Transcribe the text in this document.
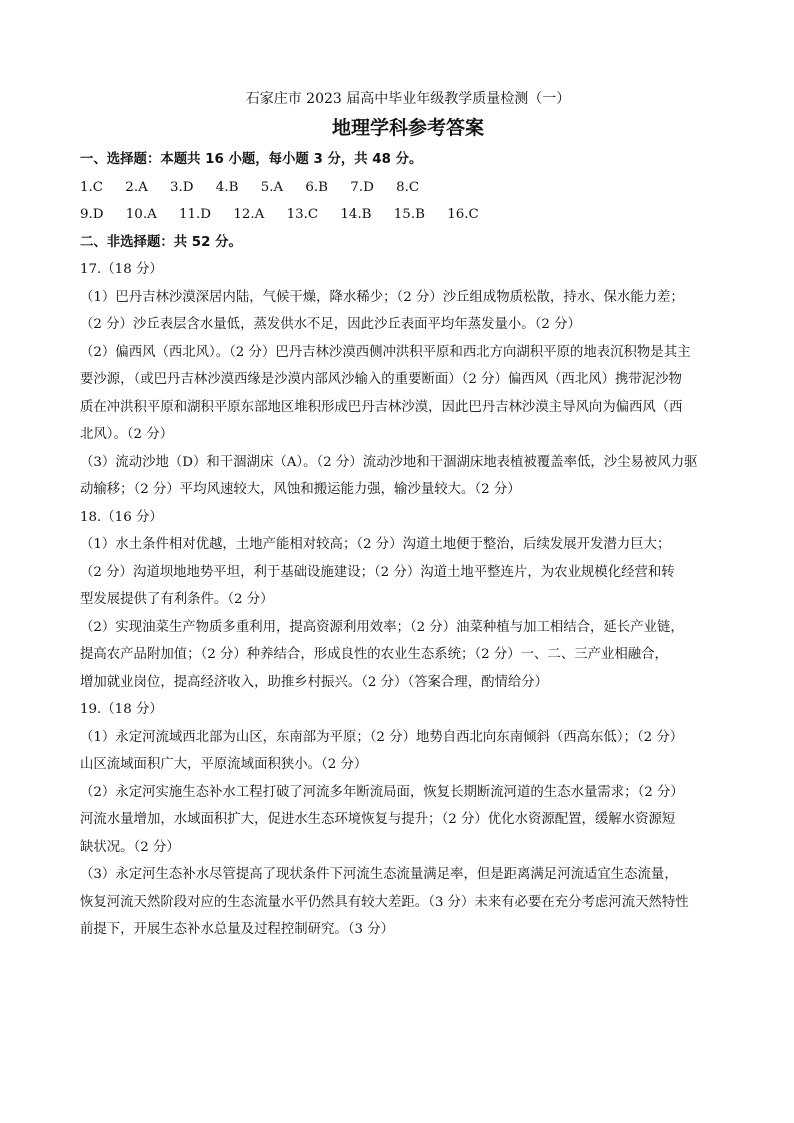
石家庄市 2023 届高中毕业年级教学质量检测（一）
地理学科参考答案
一、选择题：本题共 16 小题，每小题 3 分，共 48 分。
1.C 2.A 3.D 4.B 5.A 6.B 7.D 8.C
9.D 10.A 11.D 12.A 13.C 14.B 15.B 16.C
二、非选择题：共 52 分。
17.（18 分）
（1）巴丹吉林沙漠深居内陆，气候干燥，降水稀少；（2 分）沙丘组成物质松散，持水、保水能力差；
（2 分）沙丘表层含水量低，蒸发供水不足，因此沙丘表面平均年蒸发量小。（2 分）
（2）偏西风（西北风）。（2 分）巴丹吉林沙漠西侧冲洪积平原和西北方向湖积平原的地表沉积物是其主
要沙源，（或巴丹吉林沙漠西缘是沙漠内部风沙输入的重要断面）（2 分）偏西风（西北风）携带泥沙物
质在冲洪积平原和湖积平原东部地区堆积形成巴丹吉林沙漠，因此巴丹吉林沙漠主导风向为偏西风（西
北风）。（2 分）
（3）流动沙地（D）和干涸湖床（A）。（2 分）流动沙地和干涸湖床地表植被覆盖率低，沙尘易被风力驱
动输移；（2 分）平均风速较大，风蚀和搬运能力强，输沙量较大。（2 分）
18.（16 分）
（1）水土条件相对优越，土地产能相对较高；（2 分）沟道土地便于整治，后续发展开发潜力巨大；
（2 分）沟道坝地地势平坦，利于基础设施建设；（2 分）沟道土地平整连片，为农业规模化经营和转
型发展提供了有利条件。（2 分）
（2）实现油菜生产物质多重利用，提高资源利用效率；（2 分）油菜种植与加工相结合，延长产业链，
提高农产品附加值；（2 分）种养结合，形成良性的农业生态系统；（2 分）一、二、三产业相融合，
增加就业岗位，提高经济收入，助推乡村振兴。（2 分）（答案合理，酌情给分）
19.（18 分）
（1）永定河流域西北部为山区，东南部为平原；（2 分）地势自西北向东南倾斜（西高东低）；（2 分）
山区流域面积广大，平原流域面积狭小。（2 分）
（2）永定河实施生态补水工程打破了河流多年断流局面，恢复长期断流河道的生态水量需求；（2 分）
河流水量增加，水域面积扩大，促进水生态环境恢复与提升；（2 分）优化水资源配置，缓解水资源短
缺状况。（2 分）
（3）永定河生态补水尽管提高了现状条件下河流生态流量满足率，但是距离满足河流适宜生态流量，
恢复河流天然阶段对应的生态流量水平仍然具有较大差距。（3 分）未来有必要在充分考虑河流天然特性
前提下，开展生态补水总量及过程控制研究。（3 分）
